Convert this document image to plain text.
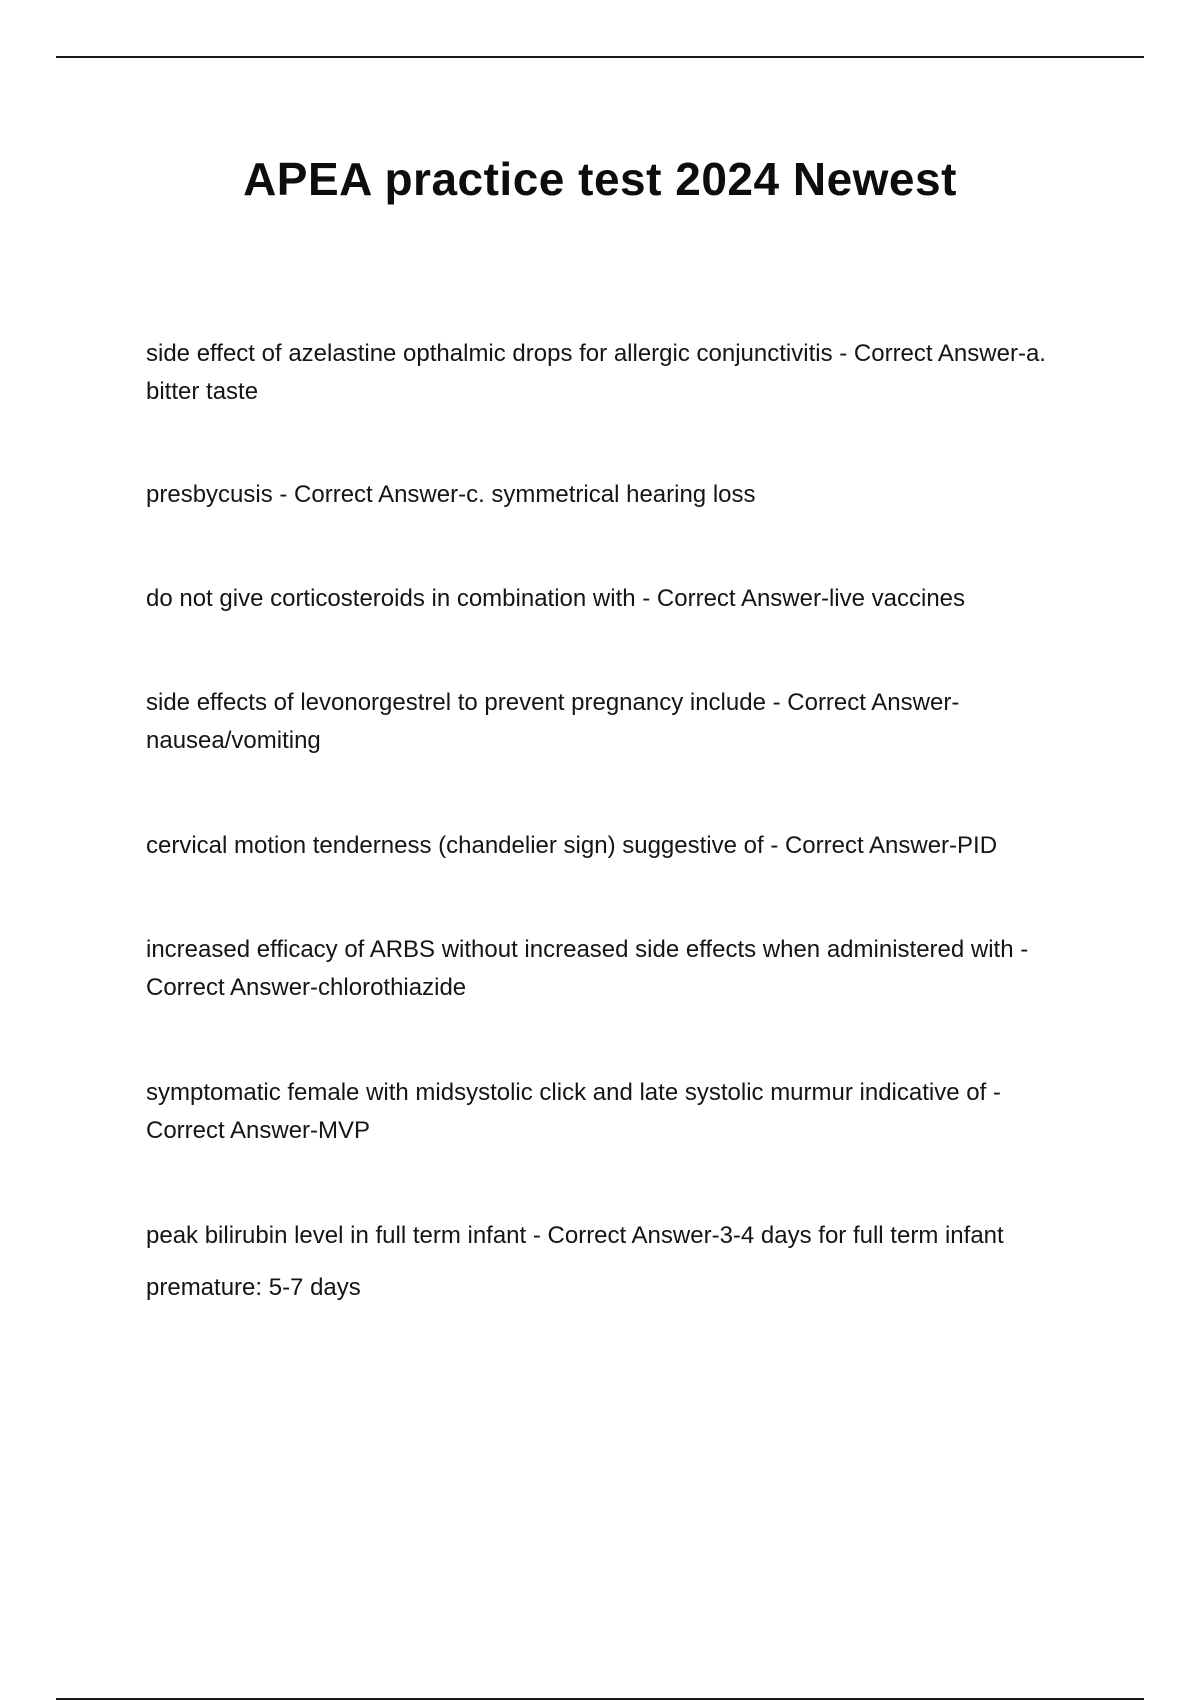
APEA practice test 2024 Newest

side effect of azelastine opthalmic drops for allergic conjunctivitis - Correct Answer-a. bitter taste

presbycusis - Correct Answer-c. symmetrical hearing loss

do not give corticosteroids in combination with - Correct Answer-live vaccines

side effects of levonorgestrel to prevent pregnancy include - Correct Answer-nausea/vomiting

cervical motion tenderness (chandelier sign) suggestive of - Correct Answer-PID

increased efficacy of ARBS without increased side effects when administered with - Correct Answer-chlorothiazide

symptomatic female with midsystolic click and late systolic murmur indicative of - Correct Answer-MVP

peak bilirubin level in full term infant - Correct Answer-3-4 days for full term infant

premature: 5-7 days
